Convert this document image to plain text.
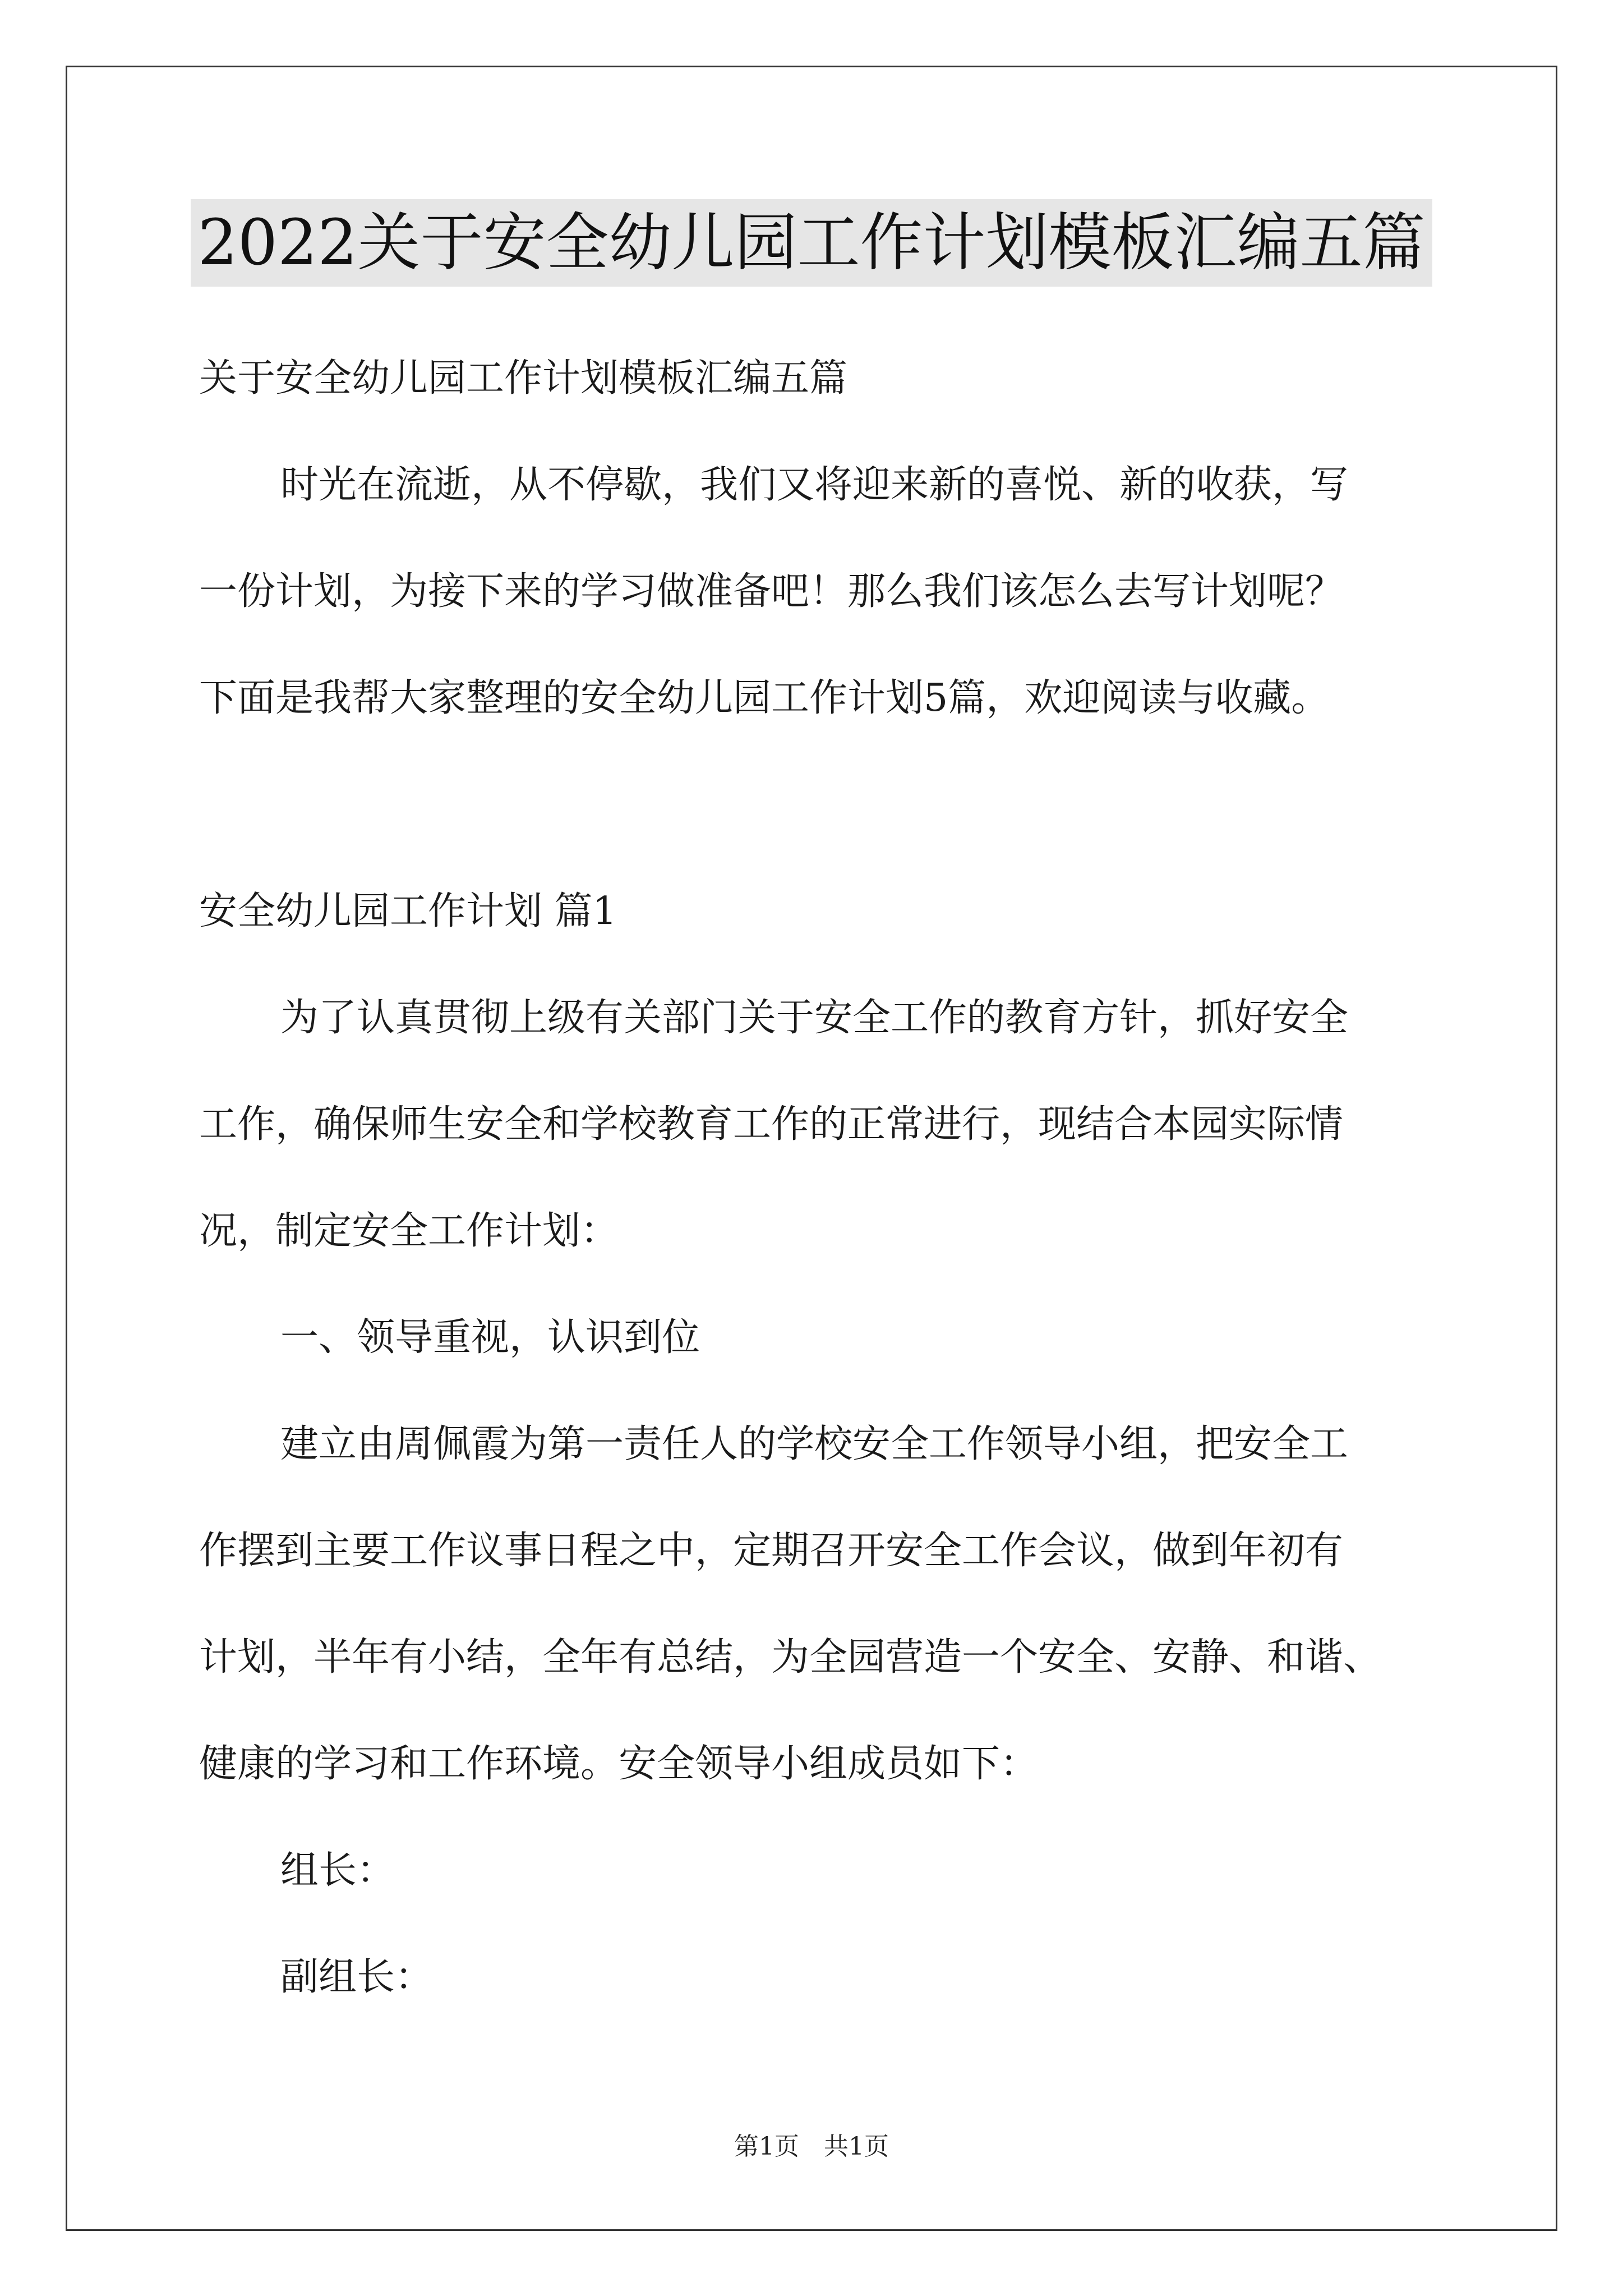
2022关于安全幼儿园工作计划模板汇编五篇
关于安全幼儿园工作计划模板汇编五篇
时光在流逝，从不停歇，我们又将迎来新的喜悦、新的收获，写
一份计划，为接下来的学习做准备吧！那么我们该怎么去写计划呢？
下面是我帮大家整理的安全幼儿园工作计划5篇，欢迎阅读与收藏。
安全幼儿园工作计划 篇1
为了认真贯彻上级有关部门关于安全工作的教育方针，抓好安全
工作，确保师生安全和学校教育工作的正常进行，现结合本园实际情
况，制定安全工作计划：
一、领导重视，认识到位
建立由周佩霞为第一责任人的学校安全工作领导小组，把安全工
作摆到主要工作议事日程之中，定期召开安全工作会议，做到年初有
计划，半年有小结，全年有总结，为全园营造一个安全、安静、和谐、
健康的学习和工作环境。安全领导小组成员如下：
组长：
副组长：
第1页　共1页
